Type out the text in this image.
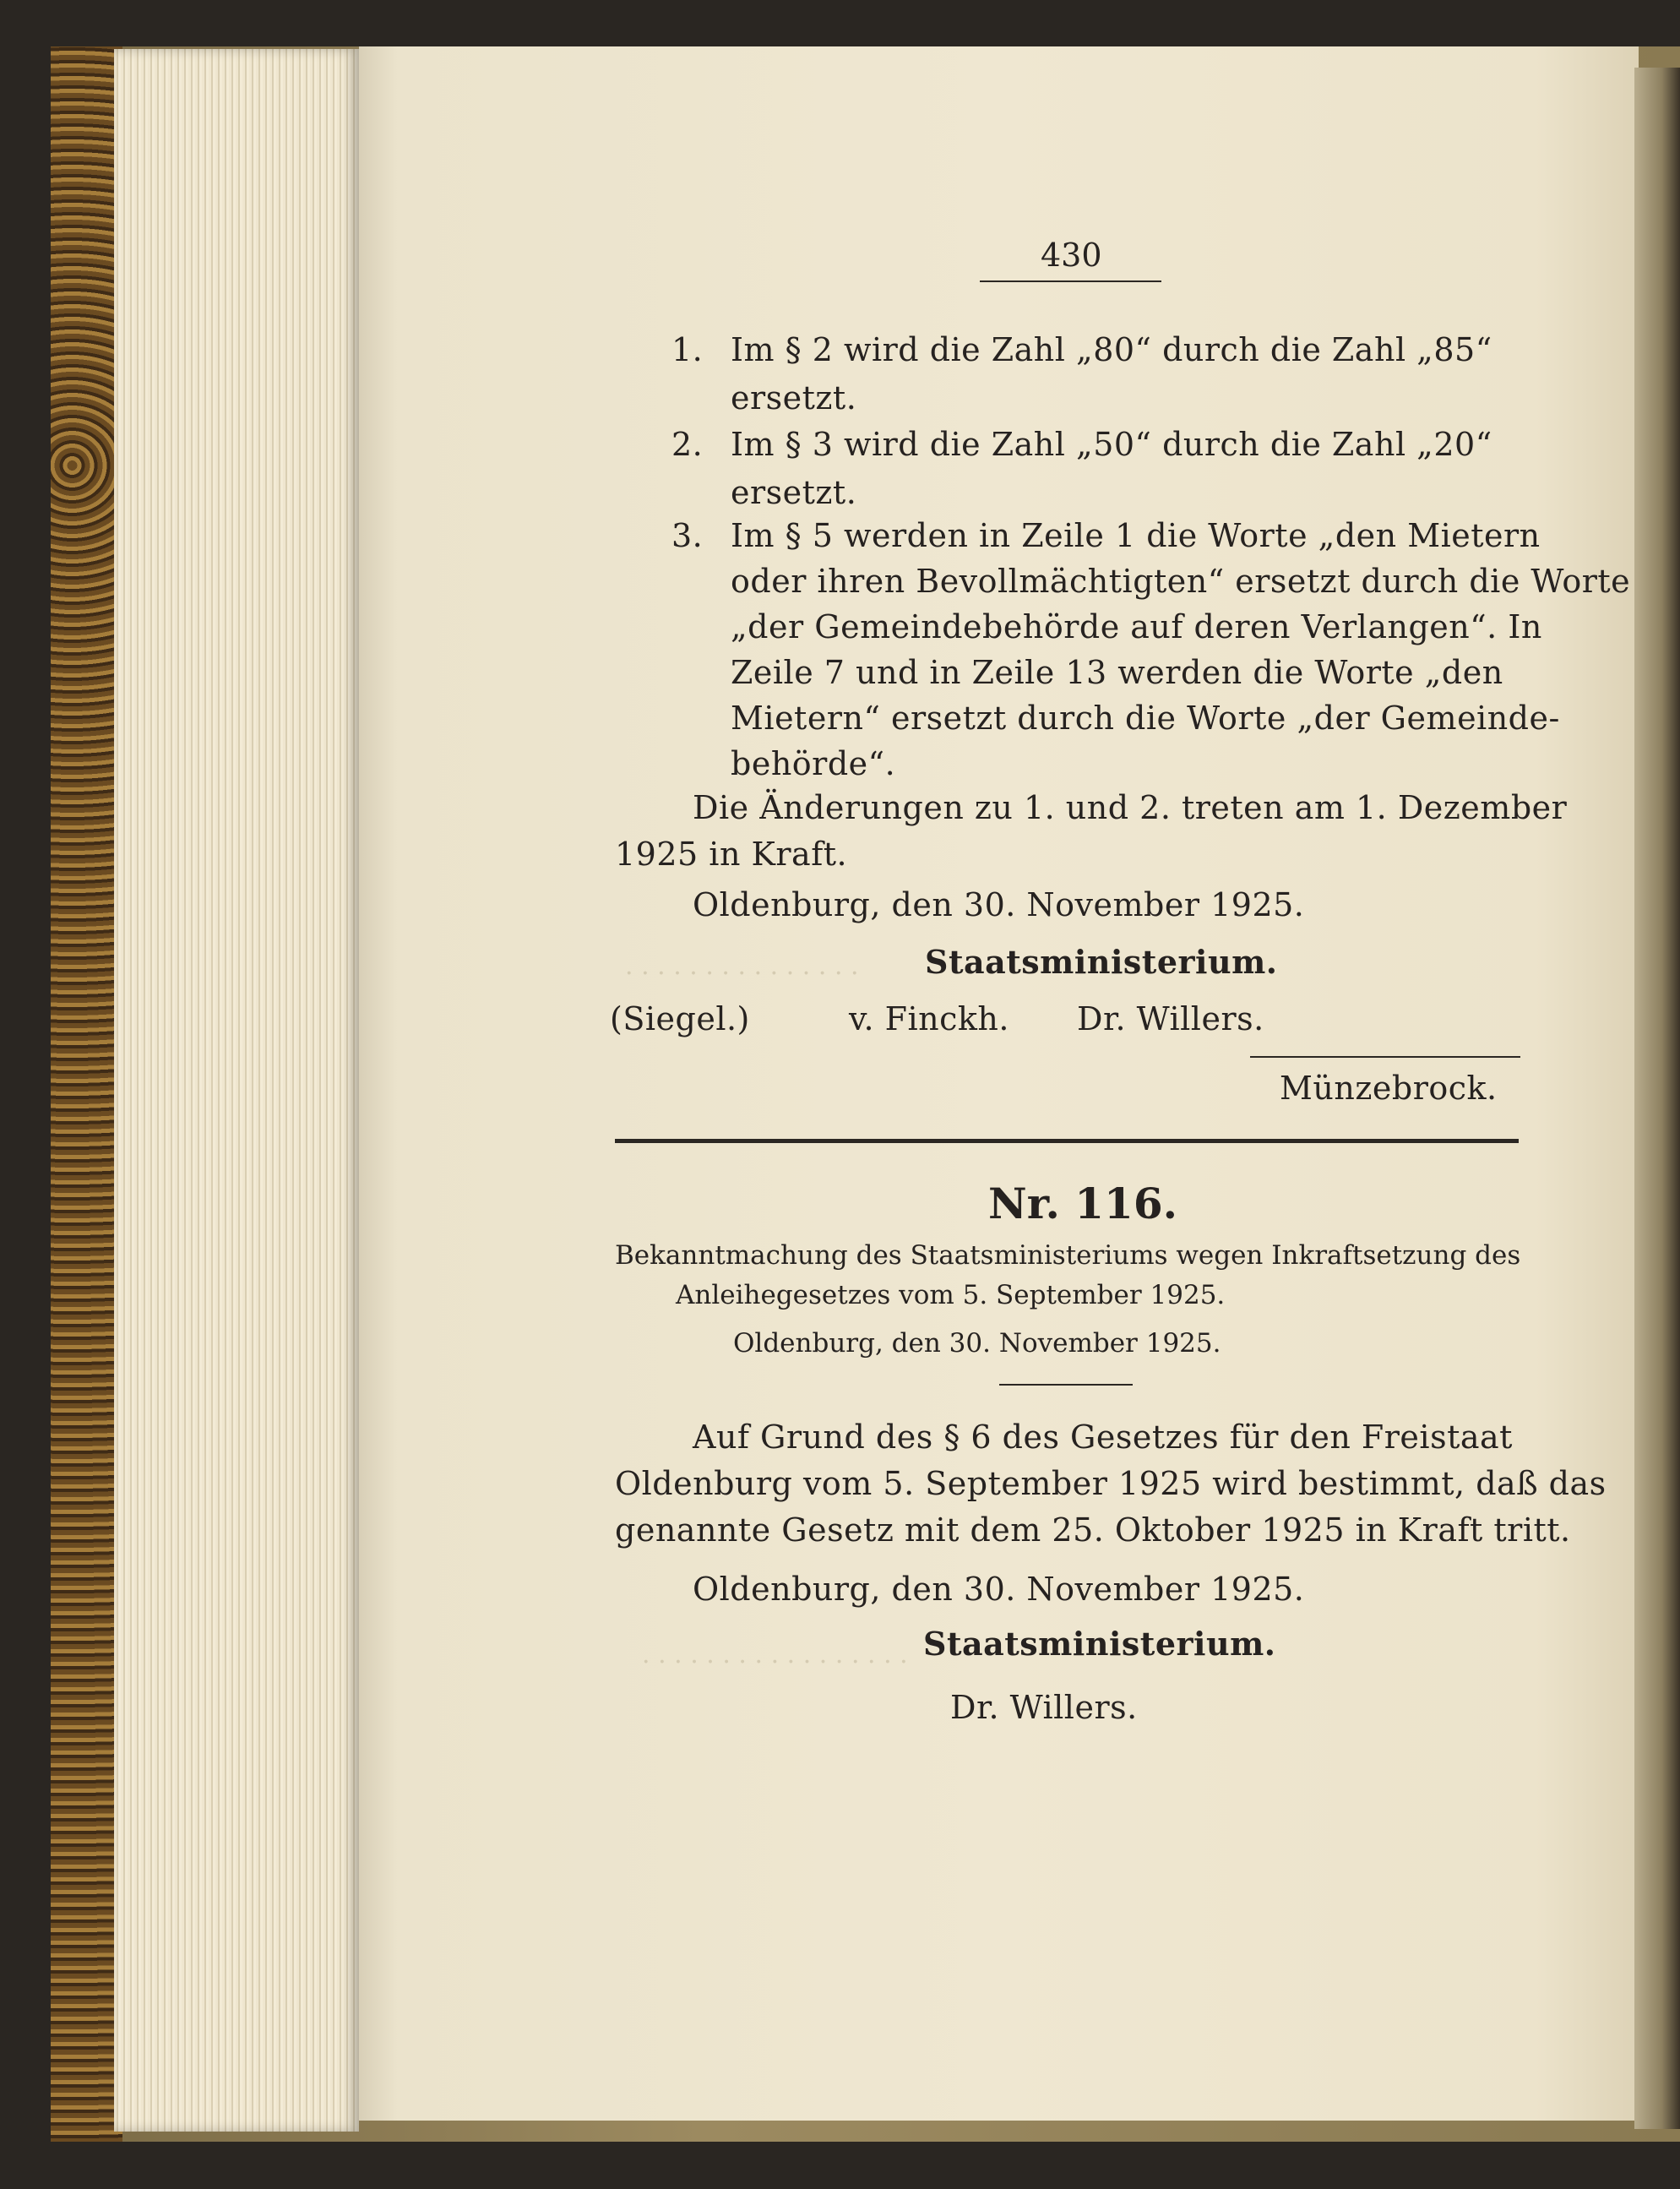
· · · · · · · · · · · · · · ·
· · · · · · · · · · · · · · · · ·
430
1. Im § 2 wird die Zahl „80“ durch die Zahl „85“
ersetzt.
2. Im § 3 wird die Zahl „50“ durch die Zahl „20“
ersetzt.
3. Im § 5 werden in Zeile 1 die Worte „den Mietern
oder ihren Bevollmächtigten“ ersetzt durch die Worte
„der Gemeindebehörde auf deren Verlangen“. In
Zeile 7 und in Zeile 13 werden die Worte „den
Mietern“ ersetzt durch die Worte „der Gemeinde-
behörde“.
Die Änderungen zu 1. und 2. treten am 1. Dezember
1925 in Kraft.
Oldenburg, den 30. November 1925.
Staatsministerium.
(Siegel.)	v. Finckh. Dr. Willers.
Münzebrock.
Nr. 116.
Bekanntmachung des Staatsministeriums wegen Inkraftsetzung des
Anleihegesetzes vom 5. September 1925.
Oldenburg, den 30. November 1925.
Auf Grund des § 6 des Gesetzes für den Freistaat
Oldenburg vom 5. September 1925 wird bestimmt, daß das
genannte Gesetz mit dem 25. Oktober 1925 in Kraft tritt.
Oldenburg, den 30. November 1925.
Staatsministerium.
Dr. Willers.
